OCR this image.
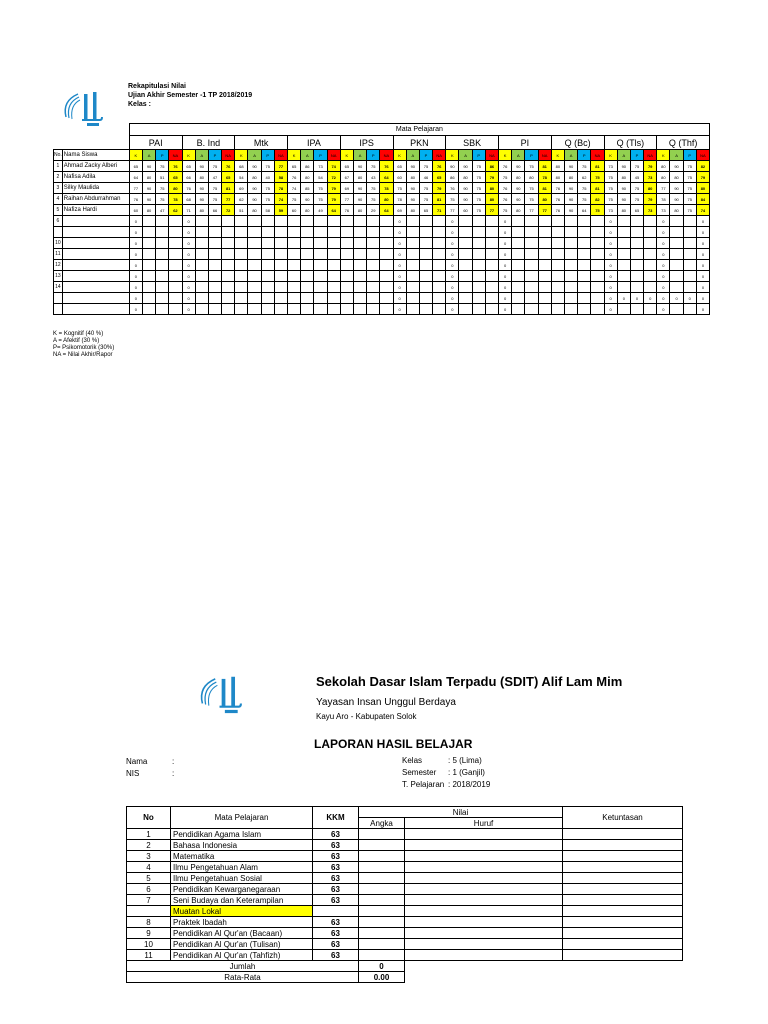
Rekapitulasi Nilai
Ujian Akhir Semester -1 TP 2018/2019
Kelas :
		Mata Pelajaran																																											
		PAI				B. Ind				Mtk				IPA				IPS				PKN				SBK				PI				Q (Bc)				Q (Tls)				Q (Thf)			
No.	Nama Siswa	K	A	P	NA	K	A	P	NA	K	A	P	NA	K	A	P	NA	K	A	P	NA	K	A	P	NA	K	A	P	NA	K	A	P	NA	K	A	P	NA	K	A	P	NA	K	A	P	NA
1	Ahmad Zacky Alberi	65	90	75	76	65	90	75	76	68	90	75	77	65	86	73	74	65	90	75	76	65	90	75	76	90	90	75	86	76	90	75	81	80	90	75	81	73	90	75	79	80	90	75	82
2	Nafisa Adila	64	80	51	65	66	80	47	65	54	80	40	58	76	80	54	72	67	80	43	64	60	80	46	65	86	80	75	79	75	80	80	78	80	80	62	75	75	80	45	73	80	80	75	79
3	Silky Maulida	77	90	75	80	76	90	75	81	69	90	75	78	74	85	75	79	69	90	75	78	75	90	75	79	76	90	75	80	76	90	75	81	76	90	75	81	75	90	75	80	77	90	75	80
4	Raihan Abdurrahman	76	90	75	78	68	90	75	77	62	90	75	74	75	90	75	79	77	90	75	80	78	90	75	81	75	90	75	80	76	90	75	80	76	90	75	82	75	90	75	79	78	90	75	84
5	Nafiza Hardi	60	80	47	62	71	80	66	72	51	80	58	59	60	80	49	64	76	80	29	64	69	80	65	71	77	60	75	77	75	80	77	77	76	90	64	75	73	80	65	73	73	80	75	74
6		0				0																0				0				0								0				0			0
		0				0																0				0				0								0				0			0
10		0				0																0				0				0								0				0			0
11		0				0																0				0				0								0				0			0
12		0				0																0				0				0								0				0			0
13		0				0																0				0				0								0				0			0
14		0				0																0				0				0								0				0			0
		0				0																0				0				0								0	0	0	0	0	0	0	0
		0				0																0				0				0								0				0			0
K = Kognitif (40 %)
A = Afektif (30 %)
P= Psikomotorik (30%)
NA = Nilai Akhir/Rapor
Sekolah Dasar Islam Terpadu (SDIT) Alif Lam Mim
Yayasan Insan Unggul Berdaya
Kayu Aro - Kabupaten Solok
LAPORAN HASIL BELAJAR
Nama	:
NIS	:
Kelas	: 5 (Lima)
Semester : 1 (Ganjil)
T. Pelajaran : 2018/2019
No	Mata Pelajaran	KKM	Nilai		Ketuntasan
			Angka	Huruf	
1	Pendidikan Agama Islam	63			
2	Bahasa Indonesia	63			
3	Matematika	63			
4	Ilmu Pengetahuan Alam	63			
5	Ilmu Pengetahuan Sosial	63			
6	Pendidikan Kewarganegaraan	63			
7	Seni Budaya dan Keterampilan	63			
	Muatan Lokal				
8	Praktek Ibadah	63			
9	Pendidikan Al Qur'an (Bacaan)	63			
10	Pendidikan Al Qur'an (Tulisan)	63			
11	Pendidikan Al Qur'an (Tahfizh)	63			
Jumlah			0		
Rata-Rata			0.00		
